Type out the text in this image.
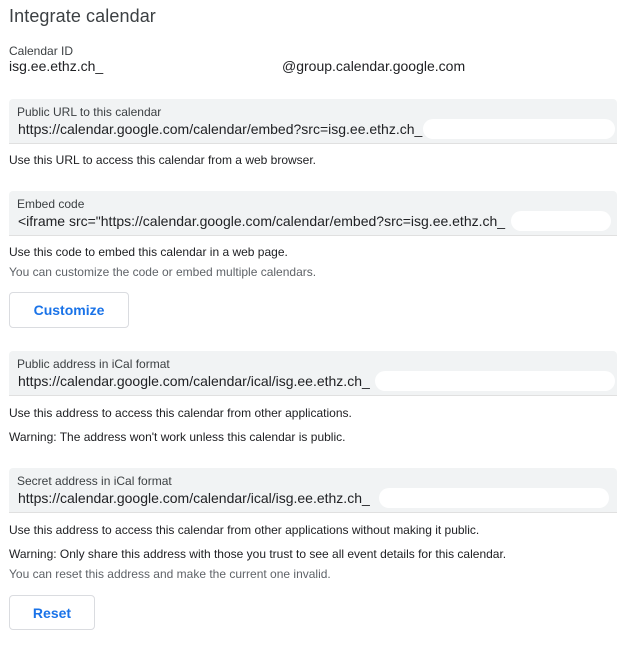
Integrate calendar
Calendar ID
isg.ee.ethz.ch_	@group.calendar.google.com
Public URL to this calendar
https://calendar.google.com/calendar/embed?src=isg.ee.ethz.ch_
Use this URL to access this calendar from a web browser.
Embed code
<iframe src="https://calendar.google.com/calendar/embed?src=isg.ee.ethz.ch_
Use this code to embed this calendar in a web page.
You can customize the code or embed multiple calendars.
Customize
Public address in iCal format
https://calendar.google.com/calendar/ical/isg.ee.ethz.ch_
Use this address to access this calendar from other applications.
Warning: The address won't work unless this calendar is public.
Secret address in iCal format
https://calendar.google.com/calendar/ical/isg.ee.ethz.ch_
Use this address to access this calendar from other applications without making it public.
Warning: Only share this address with those you trust to see all event details for this calendar.
You can reset this address and make the current one invalid.
Reset
